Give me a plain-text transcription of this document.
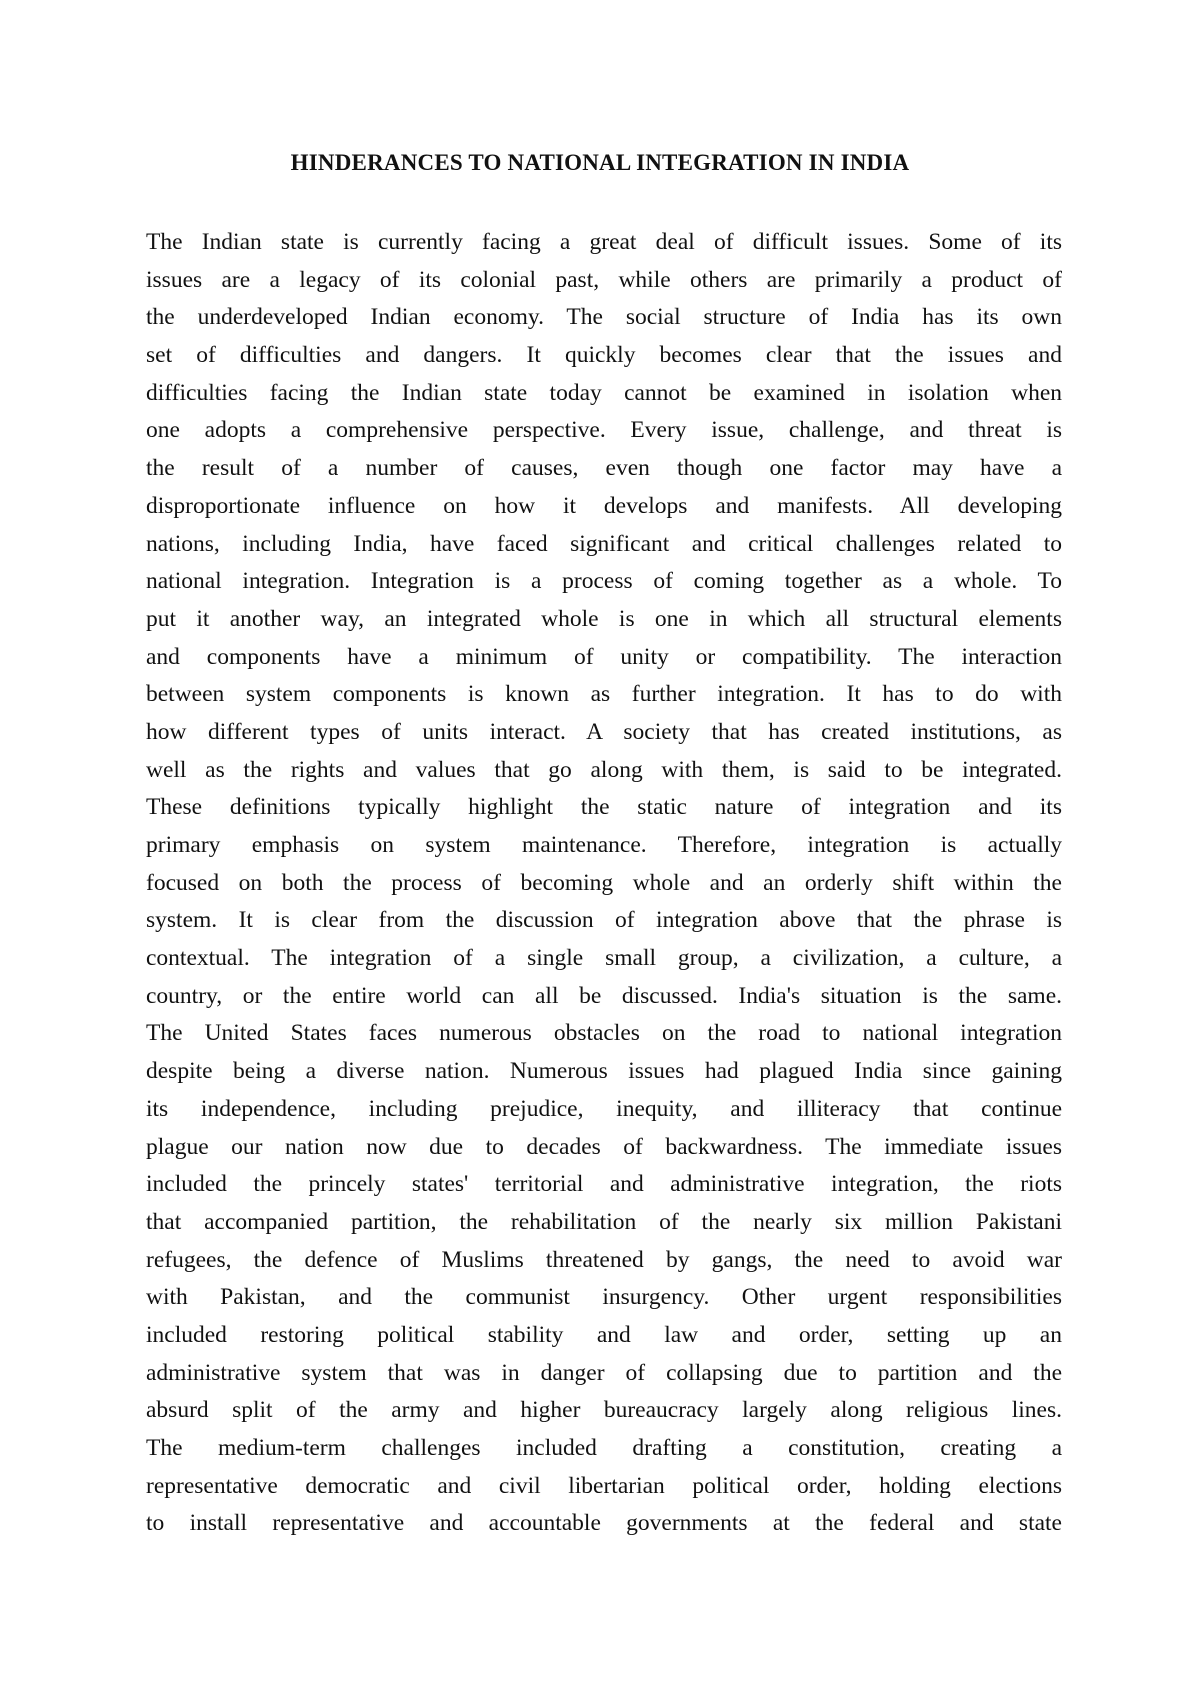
HINDERANCES TO NATIONAL INTEGRATION IN INDIA
The Indian state is currently facing a great deal of difficult issues. Some of its
issues are a legacy of its colonial past, while others are primarily a product of
the underdeveloped Indian economy. The social structure of India has its own
set of difficulties and dangers. It quickly becomes clear that the issues and
difficulties facing the Indian state today cannot be examined in isolation when
one adopts a comprehensive perspective. Every issue, challenge, and threat is
the result of a number of causes, even though one factor may have a
disproportionate influence on how it develops and manifests. All developing
nations, including India, have faced significant and critical challenges related to
national integration. Integration is a process of coming together as a whole. To
put it another way, an integrated whole is one in which all structural elements
and components have a minimum of unity or compatibility. The interaction
between system components is known as further integration. It has to do with
how different types of units interact. A society that has created institutions, as
well as the rights and values that go along with them, is said to be integrated.
These definitions typically highlight the static nature of integration and its
primary emphasis on system maintenance. Therefore, integration is actually
focused on both the process of becoming whole and an orderly shift within the
system. It is clear from the discussion of integration above that the phrase is
contextual. The integration of a single small group, a civilization, a culture, a
country, or the entire world can all be discussed. India's situation is the same.
The United States faces numerous obstacles on the road to national integration
despite being a diverse nation. Numerous issues had plagued India since gaining
its independence, including prejudice, inequity, and illiteracy that continue
plague our nation now due to decades of backwardness. The immediate issues
included the princely states' territorial and administrative integration, the riots
that accompanied partition, the rehabilitation of the nearly six million Pakistani
refugees, the defence of Muslims threatened by gangs, the need to avoid war
with Pakistan, and the communist insurgency. Other urgent responsibilities
included restoring political stability and law and order, setting up an
administrative system that was in danger of collapsing due to partition and the
absurd split of the army and higher bureaucracy largely along religious lines.
The medium-term challenges included drafting a constitution, creating a
representative democratic and civil libertarian political order, holding elections
to install representative and accountable governments at the federal and state
